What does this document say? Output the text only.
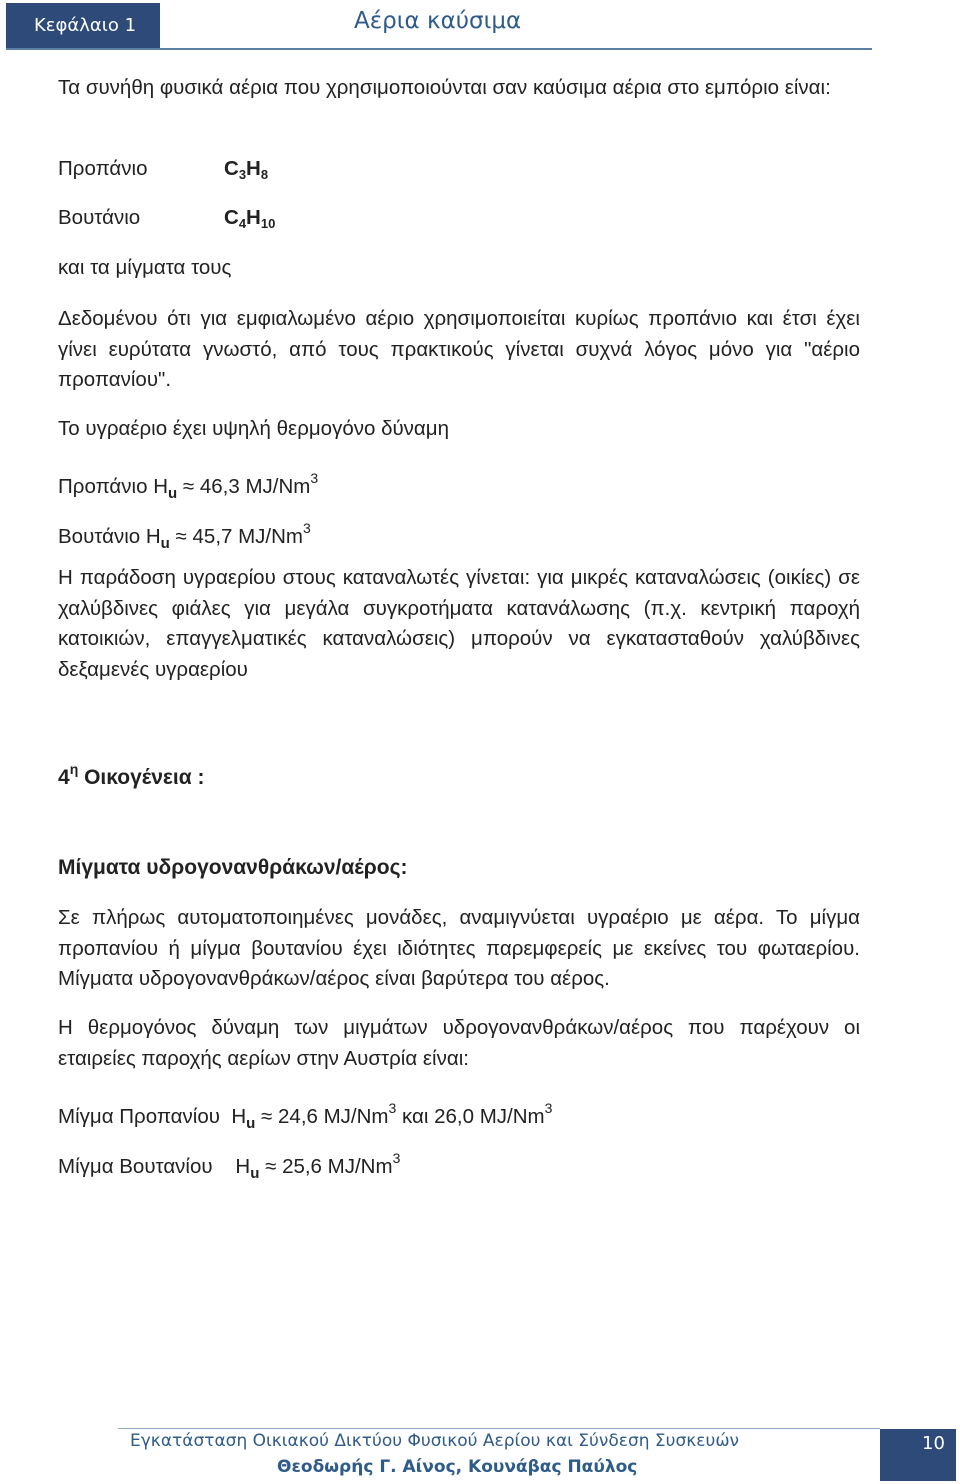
Κεφάλαιο 1	Αέρια καύσιμα

Τα συνήθη φυσικά αέρια που χρησιμοποιούνται σαν καύσιμα αέρια στο εμπόριο είναι:

Προπάνιο	$C_3H_8$
Βουτάνιο	$C_4H_{10}$
και τα μίγματα τους

Δεδομένου ότι για εμφιαλωμένο αέριο χρησιμοποιείται κυρίως προπάνιο και έτσι έχει γίνει ευρύτατα γνωστό, από τους πρακτικούς γίνεται συχνά λόγος μόνο για "αέριο προπανίου".

Το υγραέριο έχει υψηλή θερμογόνο δύναμη
Προπάνιο $H_u \approx 46,3$ MJ/Nm$^3$
Βουτάνιο $H_u \approx 45,7$ MJ/Nm$^3$

Η παράδοση υγραερίου στους καταναλωτές γίνεται: για μικρές καταναλώσεις (οικίες) σε χαλύβδινες φιάλες για μεγάλα συγκροτήματα κατανάλωσης (π.χ. κεντρική παροχή κατοικιών, επαγγελματικές καταναλώσεις) μπορούν να εγκατασταθούν χαλύβδινες δεξαμενές υγραερίου

$4^\eta$ Οικογένεια :
Μίγματα υδρογονανθράκων/αέρος:

Σε πλήρως αυτοματοποιημένες μονάδες, αναμιγνύεται υγραέριο με αέρα. Το μίγμα προπανίου ή μίγμα βουτανίου έχει ιδιότητες παρεμφερείς με εκείνες του φωταερίου. Μίγματα υδρογονανθράκων/αέρος είναι βαρύτερα του αέρος.

Η θερμογόνος δύναμη των μιγμάτων υδρογονανθράκων/αέρος που παρέχουν οι εταιρείες παροχής αερίων στην Αυστρία είναι:

Μίγμα Προπανίου $H_u \approx 24,6$ MJ/Nm$^3$ και 26,0 MJ/Nm$^3$
Μίγμα Βουτανίου $H_u \approx 25,6$ MJ/Nm$^3$
Εγκατάσταση Οικιακού Δικτύου Φυσικού Αερίου και Σύνδεση Συσκευών
Θεοδωρής Γ. Αίνος, Κουνάβας Παύλος
10
